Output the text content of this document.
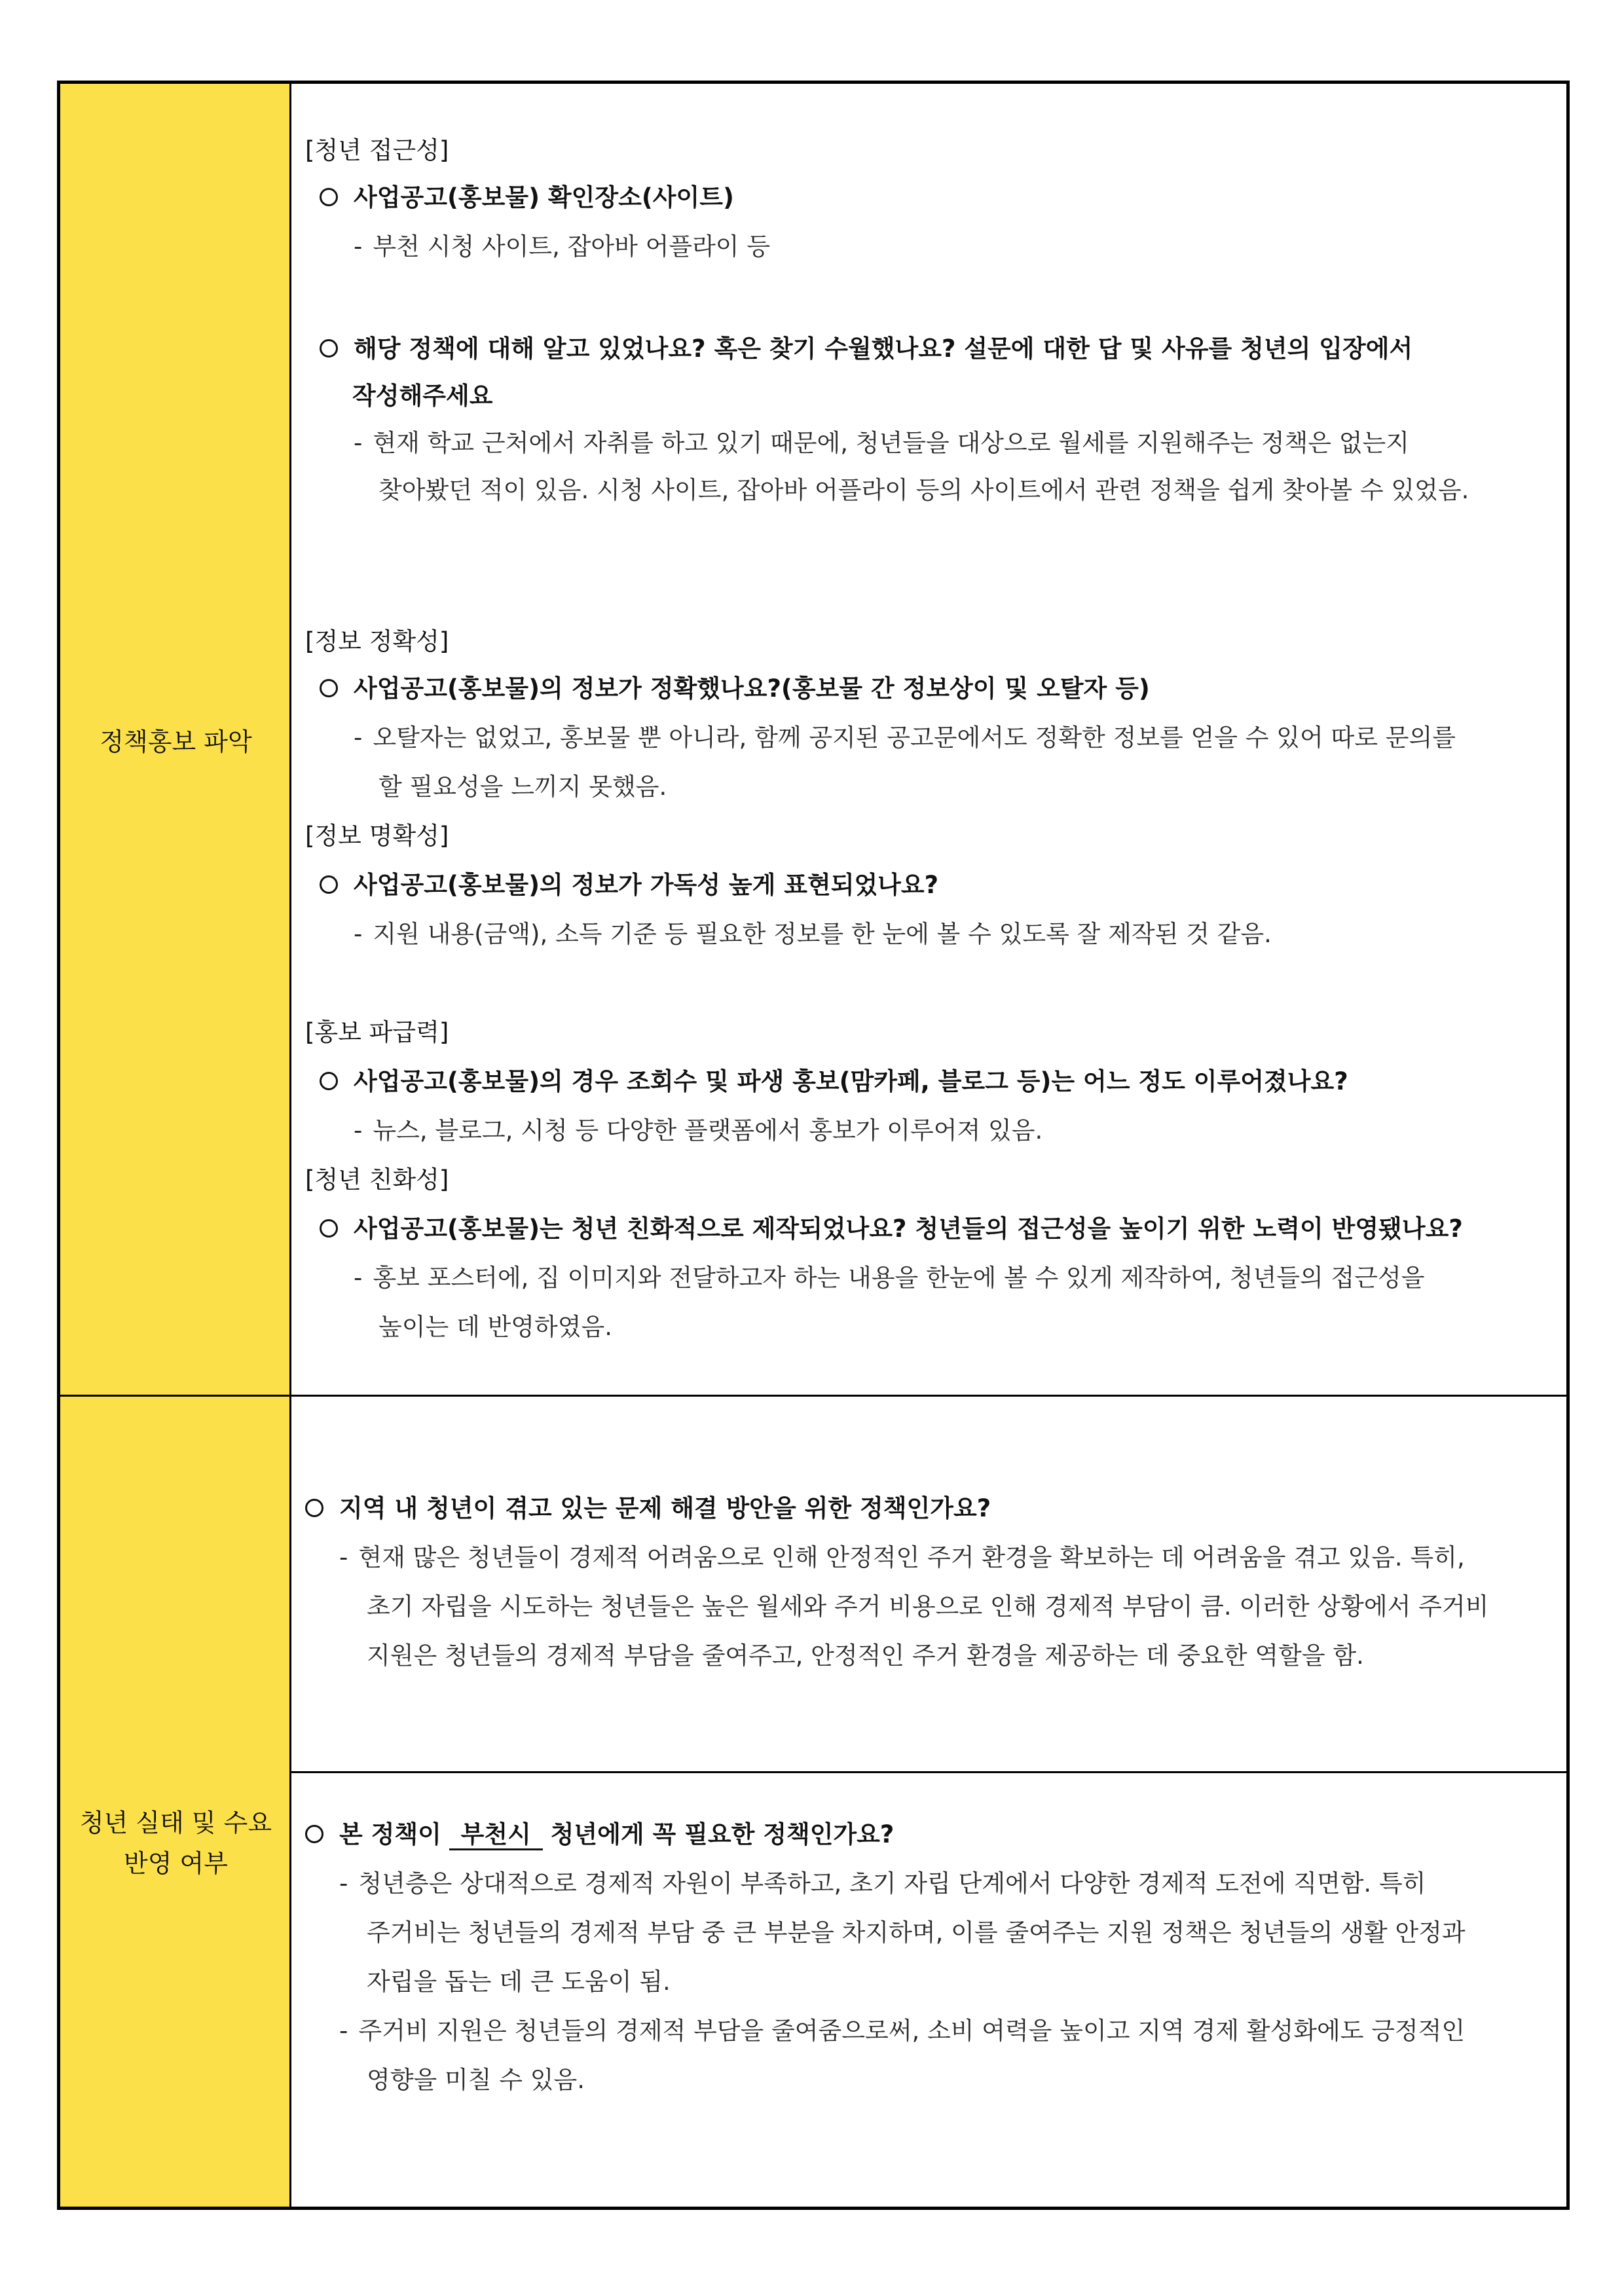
정책홍보 파악
청년 실태 및 수요
반영 여부
[청년 접근성]
사업공고(홍보물) 확인장소(사이트)
- 부천 시청 사이트, 잡아바 어플라이 등
해당 정책에 대해 알고 있었나요? 혹은 찾기 수월했나요? 설문에 대한 답 및 사유를 청년의 입장에서
작성해주세요
- 현재 학교 근처에서 자취를 하고 있기 때문에, 청년들을 대상으로 월세를 지원해주는 정책은 없는지
찾아봤던 적이 있음. 시청 사이트, 잡아바 어플라이 등의 사이트에서 관련 정책을 쉽게 찾아볼 수 있었음.
[정보 정확성]
사업공고(홍보물)의 정보가 정확했나요?(홍보물 간 정보상이 및 오탈자 등)
- 오탈자는 없었고, 홍보물 뿐 아니라, 함께 공지된 공고문에서도 정확한 정보를 얻을 수 있어 따로 문의를
할 필요성을 느끼지 못했음.
[정보 명확성]
사업공고(홍보물)의 정보가 가독성 높게 표현되었나요?
- 지원 내용(금액), 소득 기준 등 필요한 정보를 한 눈에 볼 수 있도록 잘 제작된 것 같음.
[홍보 파급력]
사업공고(홍보물)의 경우 조회수 및 파생 홍보(맘카페, 블로그 등)는 어느 정도 이루어졌나요?
- 뉴스, 블로그, 시청 등 다양한 플랫폼에서 홍보가 이루어져 있음.
[청년 친화성]
사업공고(홍보물)는 청년 친화적으로 제작되었나요? 청년들의 접근성을 높이기 위한 노력이 반영됐나요?
- 홍보 포스터에, 집 이미지와 전달하고자 하는 내용을 한눈에 볼 수 있게 제작하여, 청년들의 접근성을
높이는 데 반영하였음.
지역 내 청년이 겪고 있는 문제 해결 방안을 위한 정책인가요?
- 현재 많은 청년들이 경제적 어려움으로 인해 안정적인 주거 환경을 확보하는 데 어려움을 겪고 있음. 특히,
초기 자립을 시도하는 청년들은 높은 월세와 주거 비용으로 인해 경제적 부담이 큼. 이러한 상황에서 주거비
지원은 청년들의 경제적 부담을 줄여주고, 안정적인 주거 환경을 제공하는 데 중요한 역할을 함.
본 정책이 부천시 청년에게 꼭 필요한 정책인가요?
- 청년층은 상대적으로 경제적 자원이 부족하고, 초기 자립 단계에서 다양한 경제적 도전에 직면함. 특히
주거비는 청년들의 경제적 부담 중 큰 부분을 차지하며, 이를 줄여주는 지원 정책은 청년들의 생활 안정과
자립을 돕는 데 큰 도움이 됨.
- 주거비 지원은 청년들의 경제적 부담을 줄여줌으로써, 소비 여력을 높이고 지역 경제 활성화에도 긍정적인
영향을 미칠 수 있음.
